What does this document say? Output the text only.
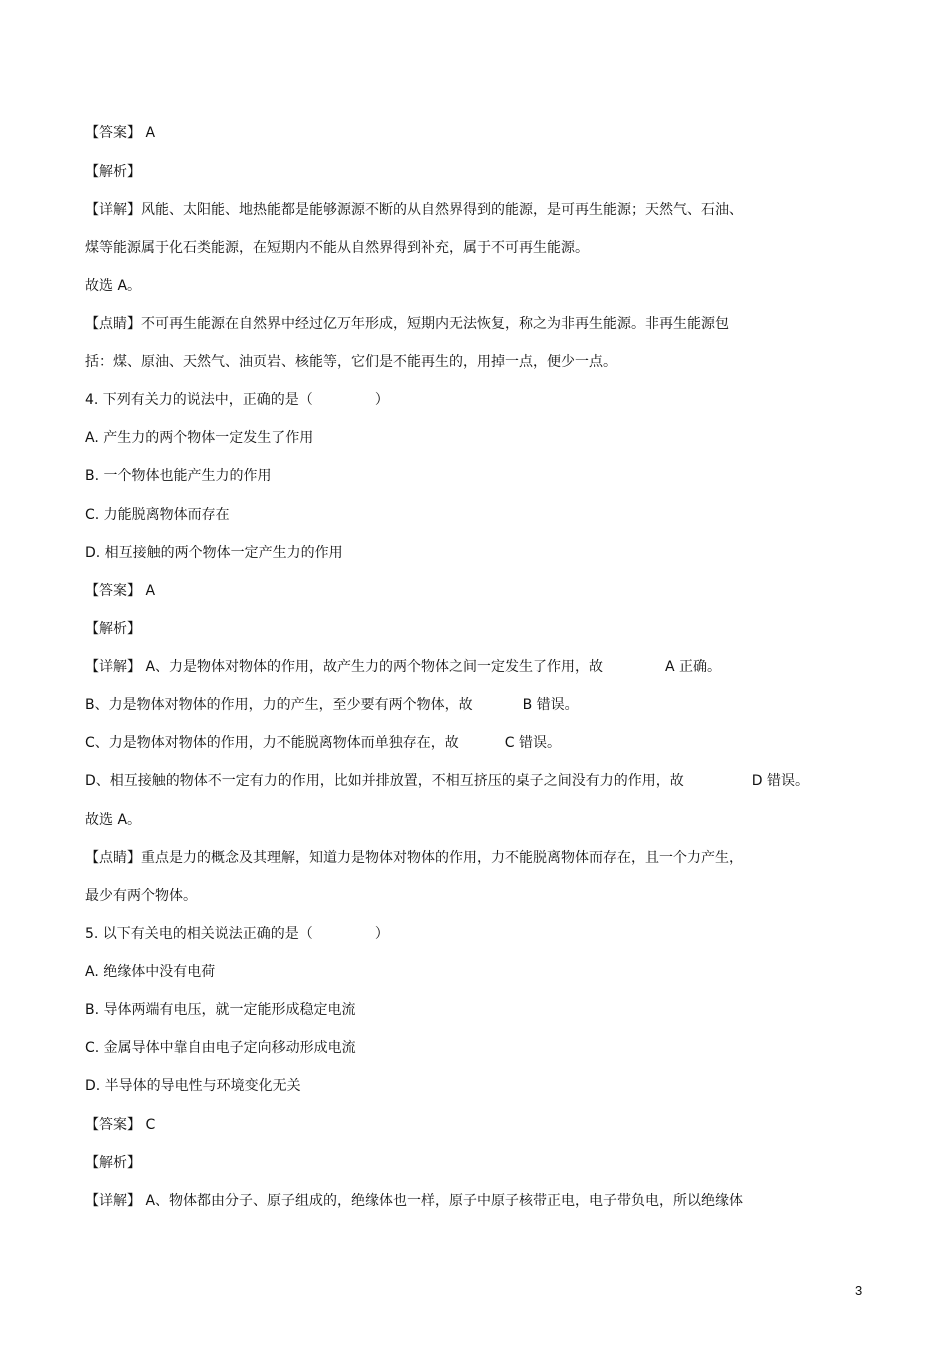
【答案】 A
【解析】
【详解】风能、太阳能、地热能都是能够源源不断的从自然界得到的能源，是可再生能源；天然气、石油、
煤等能源属于化石类能源，在短期内不能从自然界得到补充，属于不可再生能源。
故选 A。
【点睛】不可再生能源在自然界中经过亿万年形成，短期内无法恢复，称之为非再生能源。非再生能源包
括：煤、原油、天然气、油页岩、核能等，它们是不能再生的，用掉一点，便少一点。
4. 下列有关力的说法中，正确的是（	）
A. 产生力的两个物体一定发生了作用
B. 一个物体也能产生力的作用
C. 力能脱离物体而存在
D. 相互接触的两个物体一定产生力的作用
【答案】 A
【解析】
【详解】 A、力是物体对物体的作用，故产生力的两个物体之间一定发生了作用，故	A 正确。
B、力是物体对物体的作用，力的产生，至少要有两个物体，故	B 错误。
C、力是物体对物体的作用，力不能脱离物体而单独存在，故	C 错误。
D、相互接触的物体不一定有力的作用，比如并排放置，不相互挤压的桌子之间没有力的作用，故	D 错误。
故选 A。
【点睛】重点是力的概念及其理解，知道力是物体对物体的作用，力不能脱离物体而存在，且一个力产生，
最少有两个物体。
5. 以下有关电的相关说法正确的是（	）
A. 绝缘体中没有电荷
B. 导体两端有电压，就一定能形成稳定电流
C. 金属导体中靠自由电子定向移动形成电流
D. 半导体的导电性与环境变化无关
【答案】 C
【解析】
【详解】 A、物体都由分子、原子组成的，绝缘体也一样，原子中原子核带正电，电子带负电，所以绝缘体
3
